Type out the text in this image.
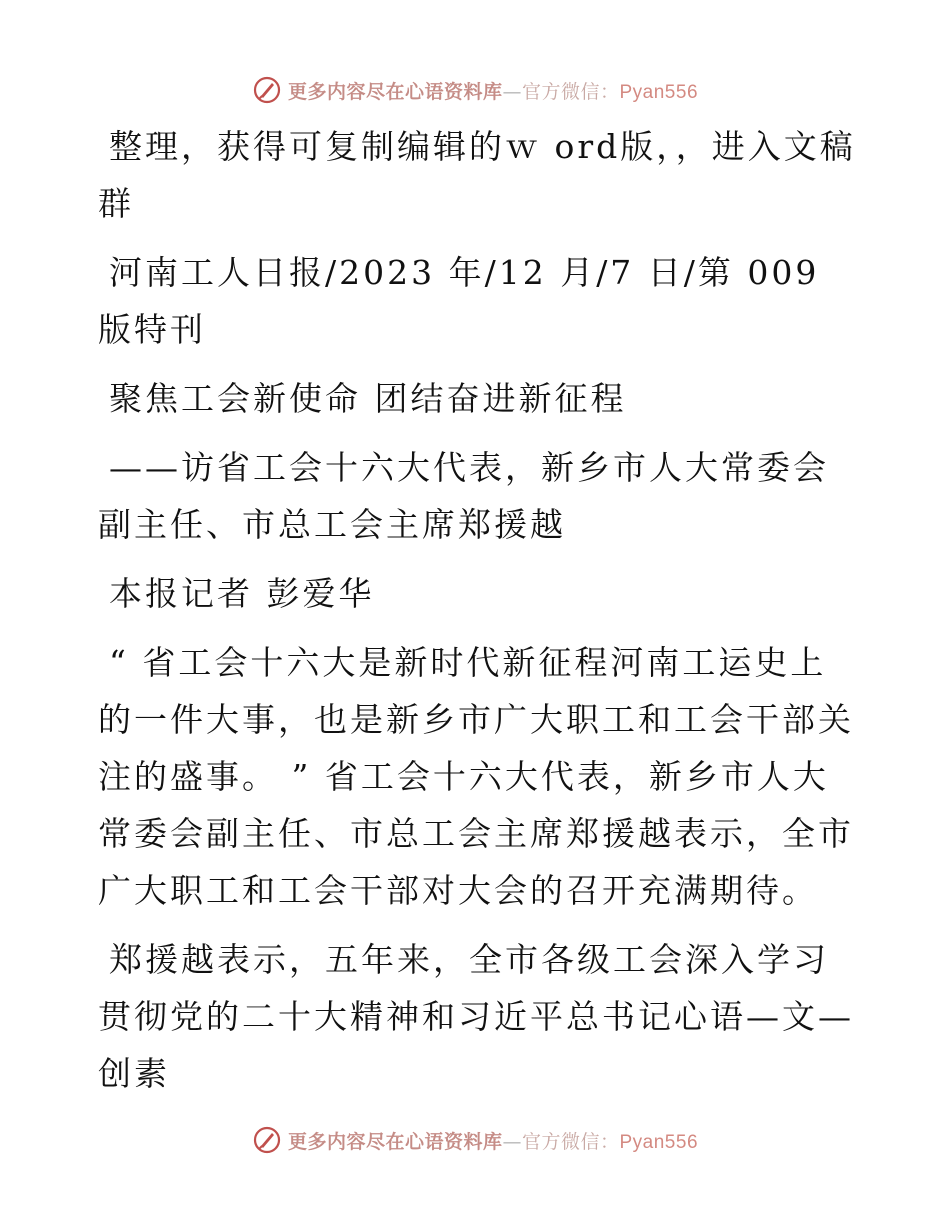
更多内容尽在心语资料库—官方微信：Pyan556

整理，获得可复制编辑的ｗ ord版，，进入文稿群

河南工人日报/2023 年/12 月/7 日/第 009 版特刊

聚焦工会新使命 团结奋进新征程

——访省工会十六大代表，新乡市人大常委会副主任、市总工会主席郑援越

本报记者 彭爱华

“ 省工会十六大是新时代新征程河南工运史上的一件大事，也是新乡市广大职工和工会干部关注的盛事。 ” 省工会十六大代表，新乡市人大常委会副主任、市总工会主席郑援越表示，全市广大职工和工会干部对大会的召开充满期待。

郑援越表示，五年来，全市各级工会深入学习贯彻党的二十大精神和习近平总书记心语—文—创素

更多内容尽在心语资料库—官方微信：Pyan556
